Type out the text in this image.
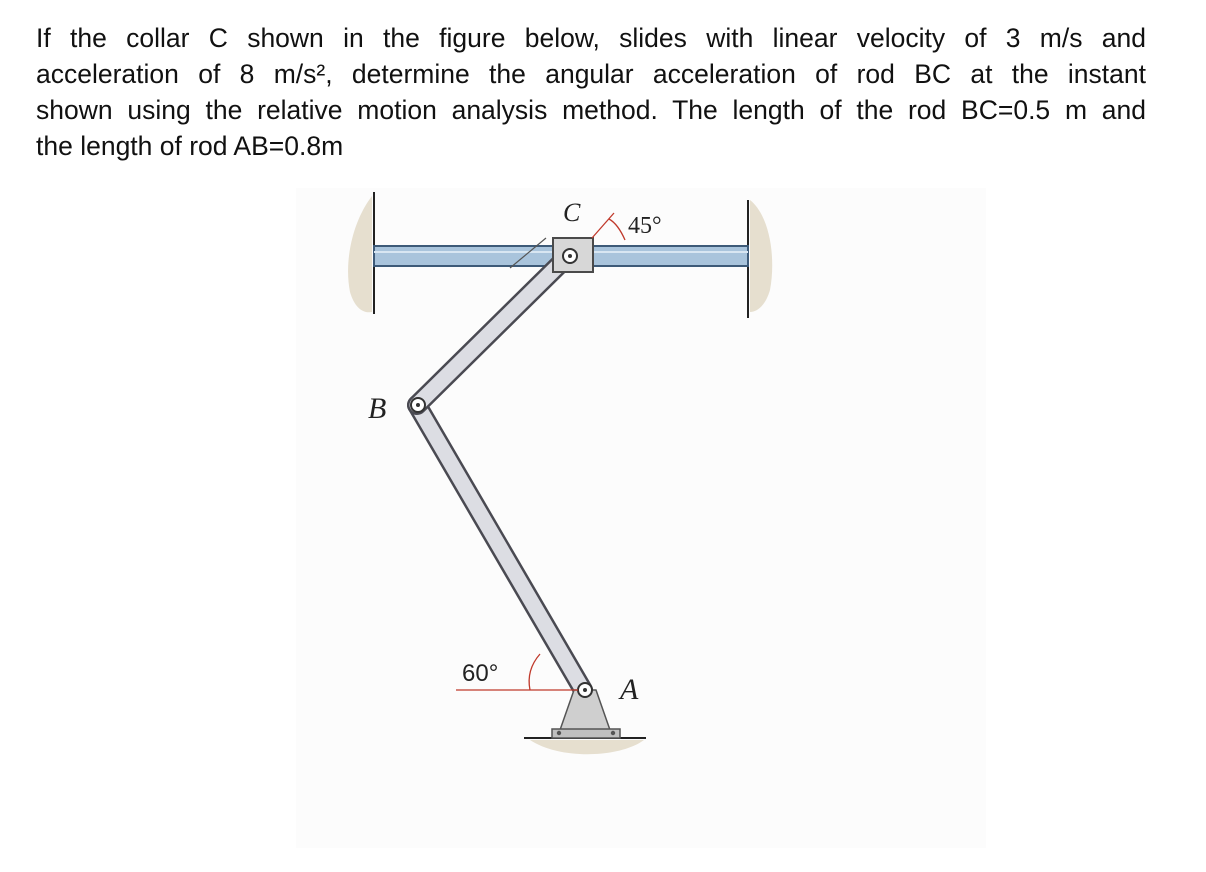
If the collar C shown in the figure below, slides with linear velocity of 3 m/s and
acceleration of 8 m/s², determine the angular acceleration of rod BC at the instant
shown using the relative motion analysis method. The length of the rod BC=0.5 m and
the length of rod AB=0.8m
C 45°
B
60°	A
